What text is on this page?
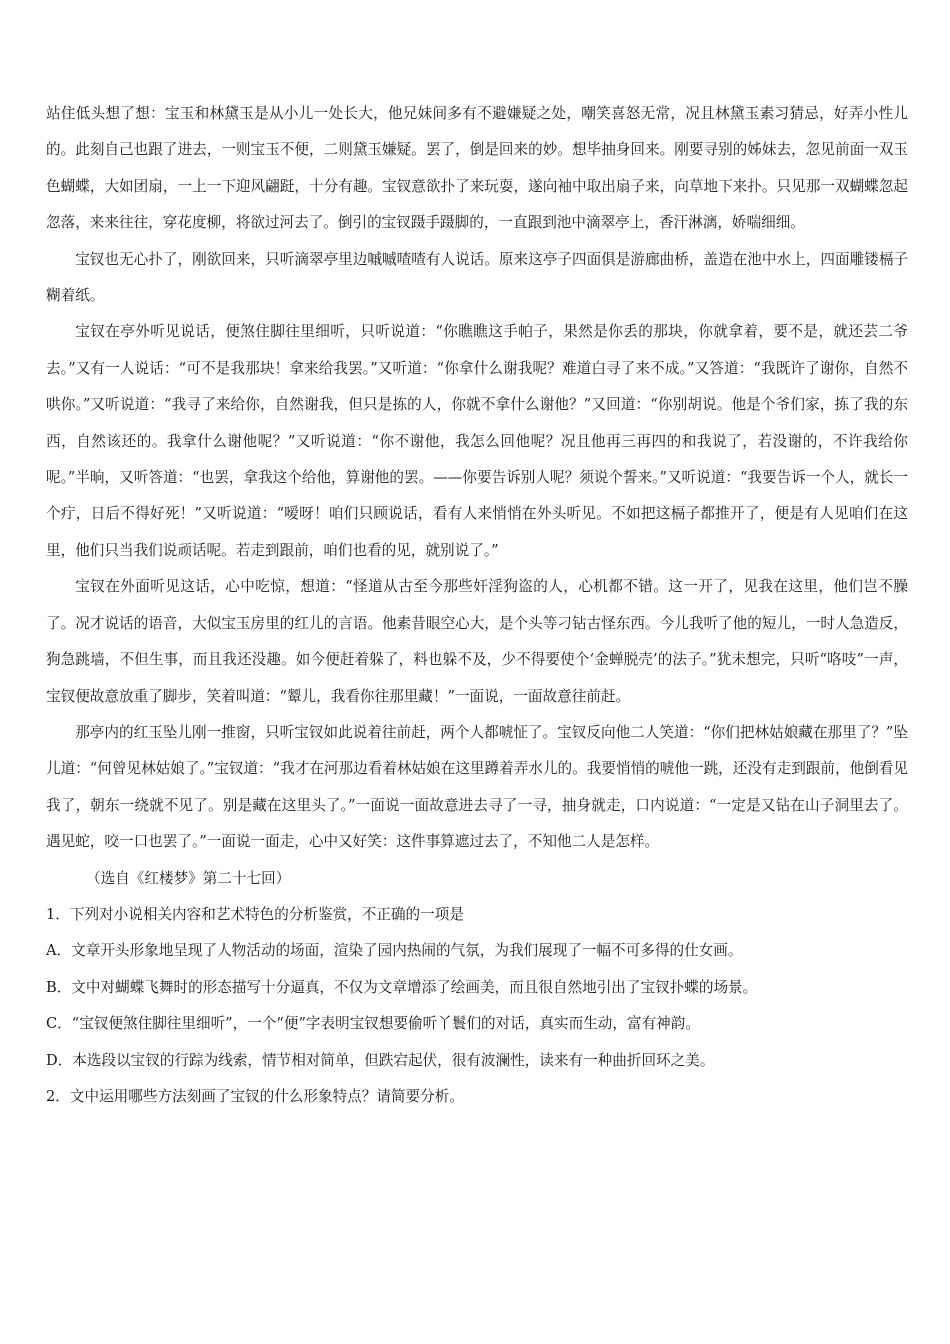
站住低头想了想：宝玉和林黛玉是从小儿一处长大，他兄妹间多有不避嫌疑之处，嘲笑喜怒无常，况且林黛玉素习猜忌，好弄小性儿的。此刻自己也跟了进去，一则宝玉不便，二则黛玉嫌疑。罢了，倒是回来的妙。想毕抽身回来。刚要寻别的姊妹去，忽见前面一双玉色蝴蝶，大如团扇，一上一下迎风翩跹，十分有趣。宝钗意欲扑了来玩耍，遂向袖中取出扇子来，向草地下来扑。只见那一双蝴蝶忽起忽落，来来往往，穿花度柳，将欲过河去了。倒引的宝钗蹑手蹑脚的，一直跟到池中滴翠亭上，香汗淋漓，娇喘细细。

宝钗也无心扑了，刚欲回来，只听滴翠亭里边嘁嘁喳喳有人说话。原来这亭子四面俱是游廊曲桥，盖造在池中水上，四面雕镂槅子糊着纸。

宝钗在亭外听见说话，便煞住脚往里细听，只听说道：“你瞧瞧这手帕子，果然是你丢的那块，你就拿着，要不是，就还芸二爷去。”又有一人说话：“可不是我那块！拿来给我罢。”又听道：“你拿什么谢我呢？难道白寻了来不成。”又答道：“我既许了谢你，自然不哄你。”又听说道：“我寻了来给你，自然谢我，但只是拣的人，你就不拿什么谢他？”又回道：“你别胡说。他是个爷们家，拣了我的东西，自然该还的。我拿什么谢他呢？”又听说道：“你不谢他，我怎么回他呢？况且他再三再四的和我说了，若没谢的，不许我给你呢。”半晌，又听答道：“也罢，拿我这个给他，算谢他的罢。——你要告诉别人呢？须说个誓来。”又听说道：“我要告诉一个人，就长一个疔，日后不得好死！”又听说道：“嗳呀！咱们只顾说话，看有人来悄悄在外头听见。不如把这槅子都推开了，便是有人见咱们在这里，他们只当我们说顽话呢。若走到跟前，咱们也看的见，就别说了。”

宝钗在外面听见这话，心中吃惊，想道：“怪道从古至今那些奸淫狗盗的人，心机都不错。这一开了，见我在这里，他们岂不臊了。况才说话的语音，大似宝玉房里的红儿的言语。他素昔眼空心大，是个头等刁钻古怪东西。今儿我听了他的短儿，一时人急造反，狗急跳墙，不但生事，而且我还没趣。如今便赶着躲了，料也躲不及，少不得要使个‘金蝉脱壳’的法子。”犹未想完，只听“咯吱”一声，宝钗便故意放重了脚步，笑着叫道：“颦儿，我看你往那里藏！”一面说，一面故意往前赶。

那亭内的红玉坠儿刚一推窗，只听宝钗如此说着往前赶，两个人都唬怔了。宝钗反向他二人笑道：“你们把林姑娘藏在那里了？”坠儿道：“何曾见林姑娘了。”宝钗道：“我才在河那边看着林姑娘在这里蹲着弄水儿的。我要悄悄的唬他一跳，还没有走到跟前，他倒看见我了，朝东一绕就不见了。别是藏在这里头了。”一面说一面故意进去寻了一寻，抽身就走，口内说道：“一定是又钻在山子洞里去了。遇见蛇，咬一口也罢了。”一面说一面走，心中又好笑：这件事算遮过去了，不知他二人是怎样。

（选自《红楼梦》第二十七回）

1．下列对小说相关内容和艺术特色的分析鉴赏，不正确的一项是

A．文章开头形象地呈现了人物活动的场面，渲染了园内热闹的气氛，为我们展现了一幅不可多得的仕女画。

B．文中对蝴蝶飞舞时的形态描写十分逼真，不仅为文章增添了绘画美，而且很自然地引出了宝钗扑蝶的场景。

C．“宝钗便煞住脚往里细听”，一个“便”字表明宝钗想要偷听丫鬟们的对话，真实而生动，富有神韵。

D．本选段以宝钗的行踪为线索，情节相对简单，但跌宕起伏，很有波澜性，读来有一种曲折回环之美。

2．文中运用哪些方法刻画了宝钗的什么形象特点？请简要分析。
